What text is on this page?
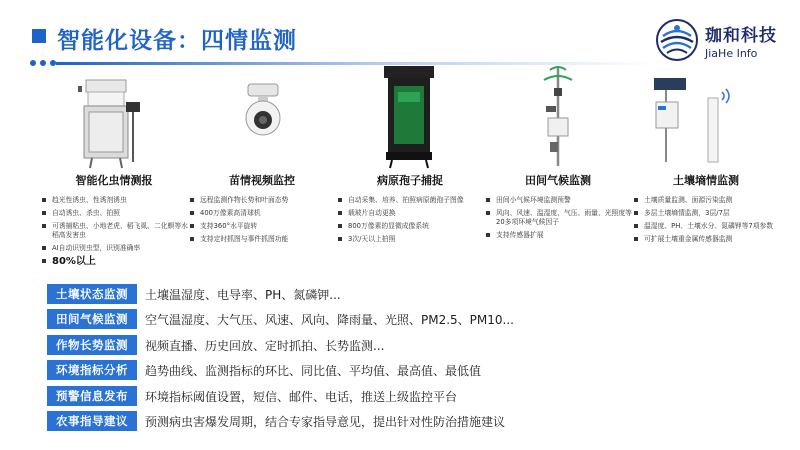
智能化设备：四情监测	珈和科技
JiaHe Info
智能化虫情测报
趋光性诱虫、性诱剂诱虫
自动诱虫、杀虫、拍照
可诱捕粘虫、小地老虎、稻飞虱、二化螟等水稻高发害虫
AI自动识别虫型，识别准确率
80%以上
苗情视频监控
远程监测作物长势和叶面态势
400万像素高清球机
支持360°水平旋转
支持定时抓图与事件抓图功能
病原孢子捕捉
自动采集、培养、拍照病原菌孢子图像
载玻片自动更换
800万像素的显微成像系统
3次/天以上拍照
田间气候监测
田间小气候环境监测预警
风向、风速、温湿度、气压、雨量、光照度等20多项环境气候因子
支持传感器扩展
土壤墒情监测
土壤质量监测、面源污染监测
多层土壤墒情监测，3层/7层
温湿度、PH、土壤水分、氮磷钾等7项参数
可扩展土壤重金属传感器监测
土壤状态监测	土壤温湿度、电导率、PH、氮磷钾...
田间气候监测	空气温湿度、大气压、风速、风向、降雨量、光照、PM2.5、PM10...
作物长势监测	视频直播、历史回放、定时抓拍、长势监测...
环境指标分析	趋势曲线、监测指标的环比、同比值、平均值、最高值、最低值
预警信息发布	环境指标阈值设置，短信、邮件、电话，推送上级监控平台
农事指导建议	预测病虫害爆发周期，结合专家指导意见，提出针对性防治措施建议
